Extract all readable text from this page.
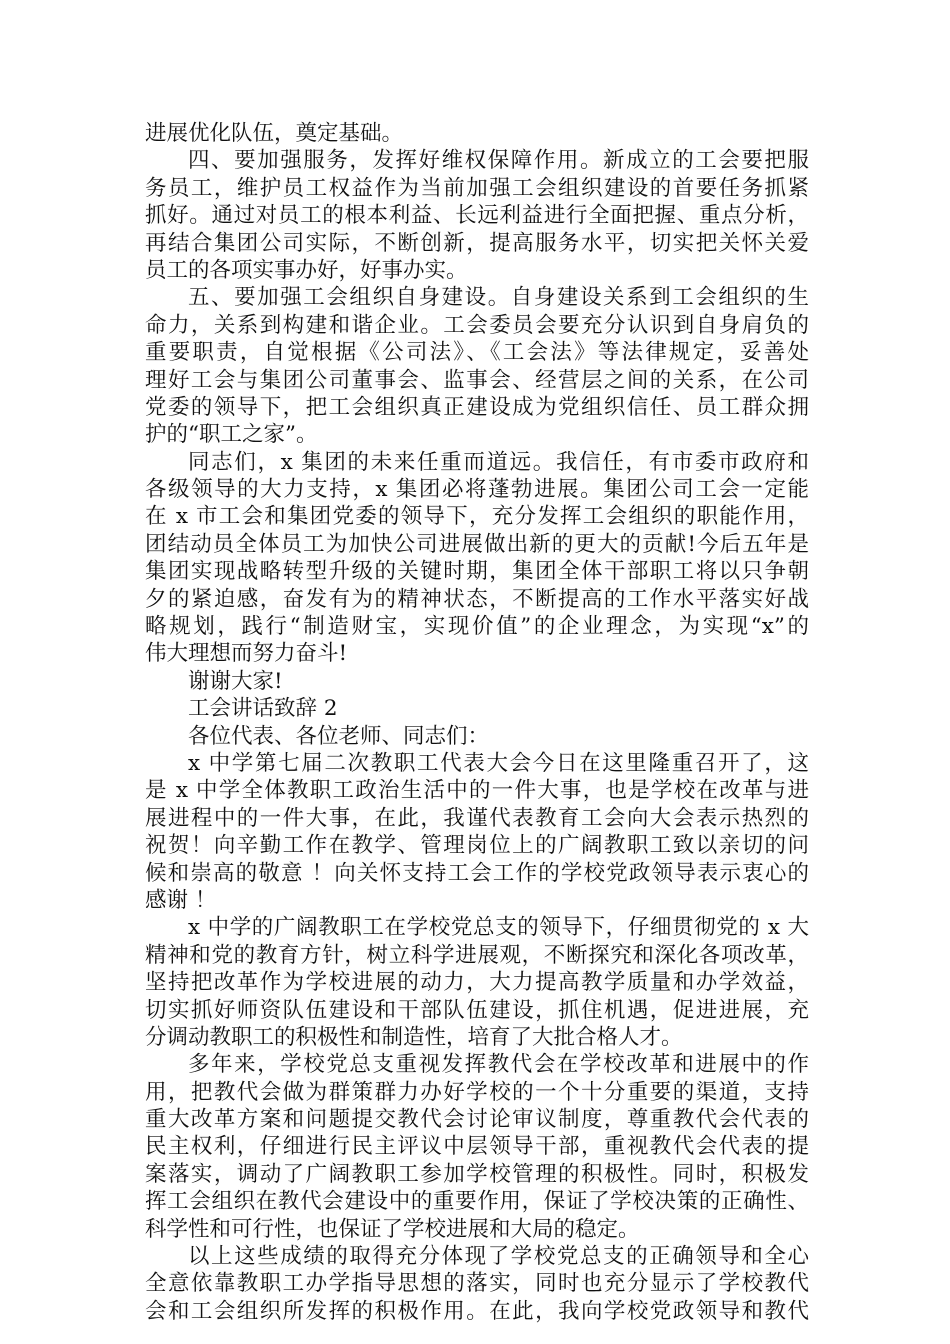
进展优化队伍，奠定基础。
四、要加强服务，发挥好维权保障作用。新成立的工会要把服
务员工，维护员工权益作为当前加强工会组织建设的首要任务抓紧
抓好。通过对员工的根本利益、长远利益进行全面把握、重点分析，
再结合集团公司实际，不断创新，提高服务水平，切实把关怀关爱
员工的各项实事办好，好事办实。
五、要加强工会组织自身建设。自身建设关系到工会组织的生
命力，关系到构建和谐企业。工会委员会要充分认识到自身肩负的
重要职责，自觉根据《公司法》、《工会法》等法律规定，妥善处
理好工会与集团公司董事会、监事会、经营层之间的关系，在公司
党委的领导下，把工会组织真正建设成为党组织信任、员工群众拥
护的“职工之家”。
同志们，x 集团的未来任重而道远。我信任，有市委市政府和
各级领导的大力支持，x 集团必将蓬勃进展。集团公司工会一定能
在 x 市工会和集团党委的领导下，充分发挥工会组织的职能作用，
团结动员全体员工为加快公司进展做出新的更大的贡献!今后五年是
集团实现战略转型升级的关键时期，集团全体干部职工将以只争朝
夕的紧迫感，奋发有为的精神状态，不断提高的工作水平落实好战
略规划，践行“制造财宝，实现价值”的企业理念，为实现“x”的
伟大理想而努力奋斗!
谢谢大家!
工会讲话致辞 2
各位代表、各位老师、同志们：
x 中学第七届二次教职工代表大会今日在这里隆重召开了，这
是 x 中学全体教职工政治生活中的一件大事，也是学校在改革与进
展进程中的一件大事，在此，我谨代表教育工会向大会表示热烈的
祝贺！向辛勤工作在教学、管理岗位上的广阔教职工致以亲切的问
候和崇高的敬意 ！向关怀支持工会工作的学校党政领导表示衷心的
感谢 ！
x 中学的广阔教职工在学校党总支的领导下，仔细贯彻党的 x 大
精神和党的教育方针，树立科学进展观，不断探究和深化各项改革，
坚持把改革作为学校进展的动力，大力提高教学质量和办学效益，
切实抓好师资队伍建设和干部队伍建设，抓住机遇，促进进展，充
分调动教职工的积极性和制造性，培育了大批合格人才。
多年来，学校党总支重视发挥教代会在学校改革和进展中的作
用，把教代会做为群策群力办好学校的一个十分重要的渠道，支持
重大改革方案和问题提交教代会讨论审议制度，尊重教代会代表的
民主权利，仔细进行民主评议中层领导干部，重视教代会代表的提
案落实，调动了广阔教职工参加学校管理的积极性。同时，积极发
挥工会组织在教代会建设中的重要作用，保证了学校决策的正确性、
科学性和可行性，也保证了学校进展和大局的稳定。
以上这些成绩的取得充分体现了学校党总支的正确领导和全心
全意依靠教职工办学指导思想的落实，同时也充分显示了学校教代
会和工会组织所发挥的积极作用。在此，我向学校党政领导和教代
